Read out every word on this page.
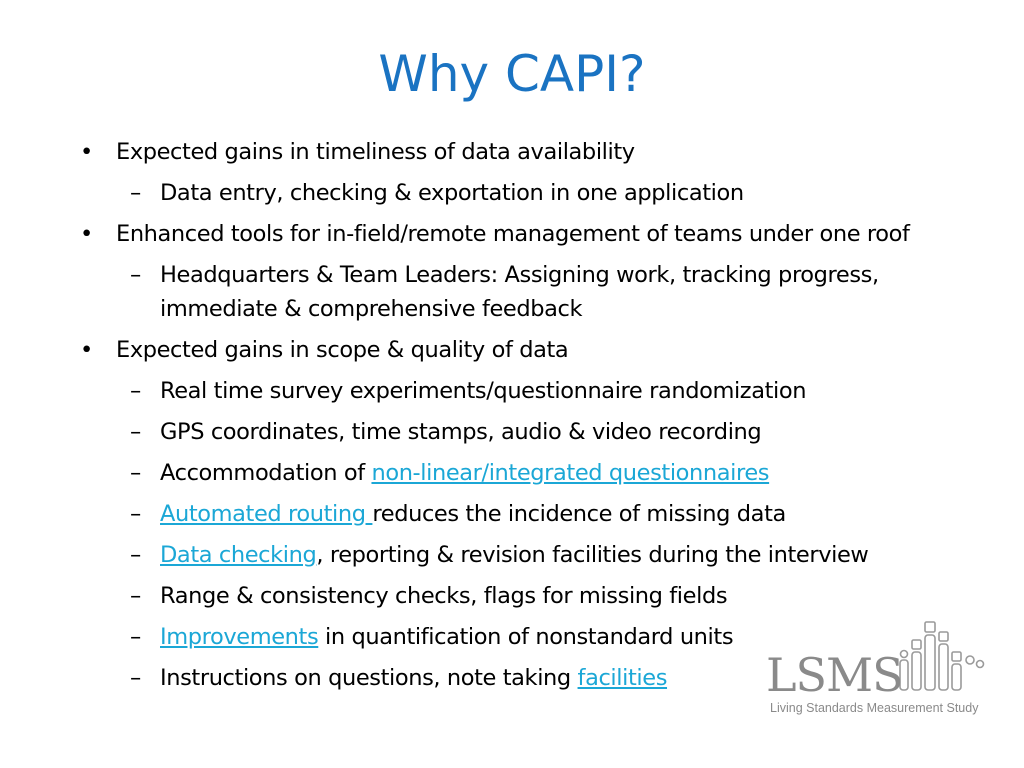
Why CAPI?
• Expected gains in timeliness of data availability
– Data entry, checking & exportation in one application
• Enhanced tools for in-field/remote management of teams under one roof
– Headquarters & Team Leaders: Assigning work, tracking progress,
immediate & comprehensive feedback
• Expected gains in scope & quality of data
– Real time survey experiments/questionnaire randomization
– GPS coordinates, time stamps, audio & video recording
– Accommodation of non-linear/integrated questionnaires
– Automated routing reduces the incidence of missing data
– Data checking, reporting & revision facilities during the interview
– Range & consistency checks, flags for missing fields
– Improvements in quantification of nonstandard units
– Instructions on questions, note taking facilities LSMS
Living Standards Measurement Study
